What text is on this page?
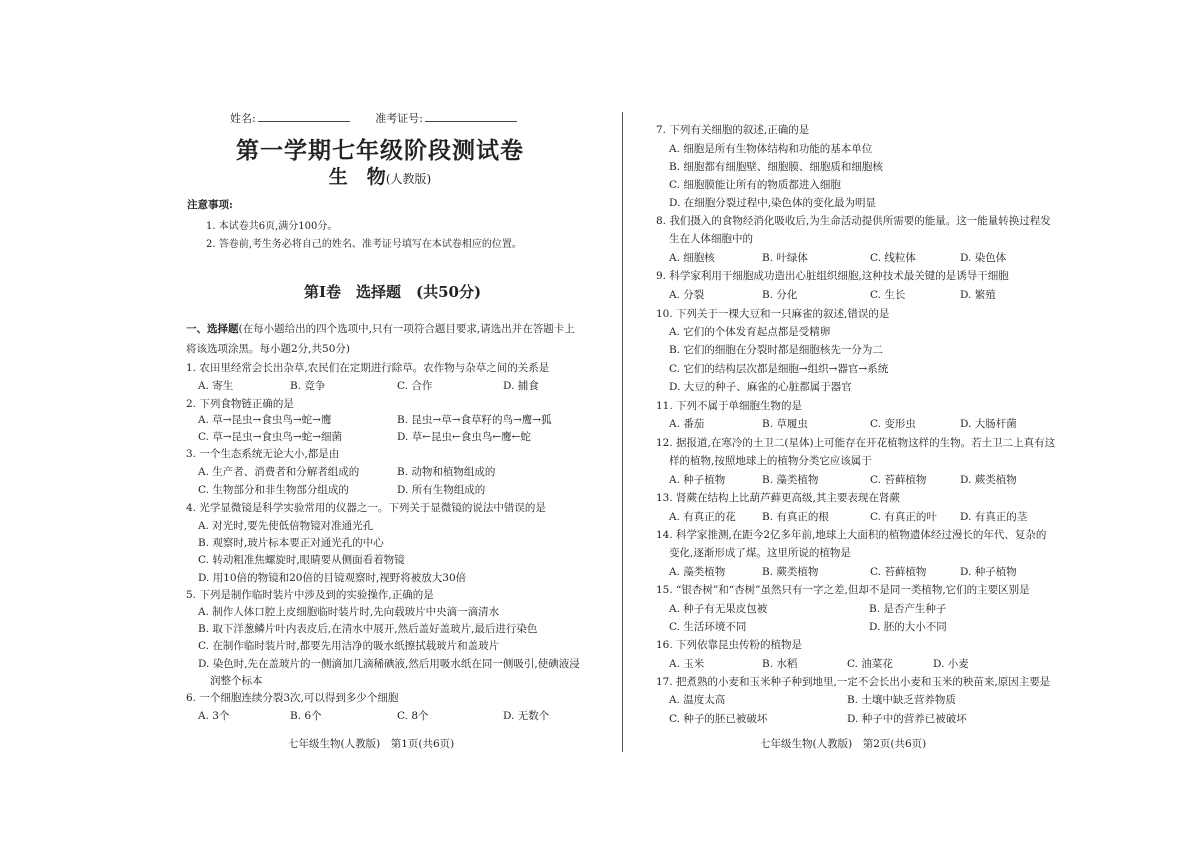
姓名:	准考证号:
第一学期七年级阶段测试卷
生　物(人教版)
注意事项:
1. 本试卷共6页,满分100分。
2. 答卷前,考生务必将自己的姓名、准考证号填写在本试卷相应的位置。
第Ⅰ卷　选择题　(共50分)
一、选择题(在每小题给出的四个选项中,只有一项符合题目要求,请选出并在答题卡上
将该选项涂黑。每小题2分,共50分)
1. 农田里经常会长出杂草,农民们在定期进行除草。农作物与杂草之间的关系是
A. 寄生	B. 竞争	C. 合作	D. 捕食
2. 下列食物链正确的是
A. 草→昆虫→食虫鸟→蛇→鹰	B. 昆虫→草→食草籽的鸟→鹰→狐
C. 草→昆虫→食虫鸟→蛇→细菌	D. 草←昆虫←食虫鸟←鹰←蛇
3. 一个生态系统无论大小,都是由
A. 生产者、消费者和分解者组成的	B. 动物和植物组成的
C. 生物部分和非生物部分组成的	D. 所有生物组成的
4. 光学显微镜是科学实验常用的仪器之一。下列关于显微镜的说法中错误的是
A. 对光时,要先使低倍物镜对准通光孔
B. 观察时,玻片标本要正对通光孔的中心
C. 转动粗准焦螺旋时,眼睛要从侧面看着物镜
D. 用10倍的物镜和20倍的目镜观察时,视野将被放大30倍
5. 下列是制作临时装片中涉及到的实验操作,正确的是
A. 制作人体口腔上皮细胞临时装片时,先向载玻片中央滴一滴清水
B. 取下洋葱鳞片叶内表皮后,在清水中展开,然后盖好盖玻片,最后进行染色
C. 在制作临时装片时,都要先用洁净的吸水纸擦拭载玻片和盖玻片
D. 染色时,先在盖玻片的一侧滴加几滴稀碘液,然后用吸水纸在同一侧吸引,使碘液浸
润整个标本
6. 一个细胞连续分裂3次,可以得到多少个细胞
A. 3个	B. 6个	C. 8个	D. 无数个
七年级生物(人教版)　第1页(共6页)
7. 下列有关细胞的叙述,正确的是
A. 细胞是所有生物体结构和功能的基本单位
B. 细胞都有细胞壁、细胞膜、细胞质和细胞核
C. 细胞膜能让所有的物质都进入细胞
D. 在细胞分裂过程中,染色体的变化最为明显
8. 我们摄入的食物经消化吸收后,为生命活动提供所需要的能量。这一能量转换过程发
生在人体细胞中的
A. 细胞核	B. 叶绿体	C. 线粒体	D. 染色体
9. 科学家利用干细胞成功造出心脏组织细胞,这种技术最关键的是诱导干细胞
A. 分裂	B. 分化	C. 生长	D. 繁殖
10. 下列关于一棵大豆和一只麻雀的叙述,错误的是
A. 它们的个体发育起点都是受精卵
B. 它们的细胞在分裂时都是细胞核先一分为二
C. 它们的结构层次都是细胞→组织→器官→系统
D. 大豆的种子、麻雀的心脏都属于器官
11. 下列不属于单细胞生物的是
A. 番茄	B. 草履虫	C. 变形虫	D. 大肠杆菌
12. 据报道,在寒冷的土卫二(星体)上可能存在开花植物这样的生物。若土卫二上真有这
样的植物,按照地球上的植物分类它应该属于
A. 种子植物	B. 藻类植物	C. 苔藓植物	D. 蕨类植物
13. 肾蕨在结构上比葫芦藓更高级,其主要表现在肾蕨
A. 有真正的花 B. 有真正的根	C. 有真正的叶 D. 有真正的茎
14. 科学家推测,在距今2亿多年前,地球上大面积的植物遗体经过漫长的年代、复杂的
变化,逐渐形成了煤。这里所说的植物是
A. 藻类植物	B. 蕨类植物	C. 苔藓植物	D. 种子植物
15. “银杏树”和“杏树”虽然只有一字之差,但却不是同一类植物,它们的主要区别是
A. 种子有无果皮包被	B. 是否产生种子
C. 生活环境不同	D. 胚的大小不同
16. 下列依靠昆虫传粉的植物是
A. 玉米	B. 水稻	C. 油菜花	D. 小麦
17. 把煮熟的小麦和玉米种子种到地里,一定不会长出小麦和玉米的秧苗来,原因主要是
A. 温度太高	B. 土壤中缺乏营养物质
C. 种子的胚已被破坏	D. 种子中的营养已被破坏
七年级生物(人教版)　第2页(共6页)
